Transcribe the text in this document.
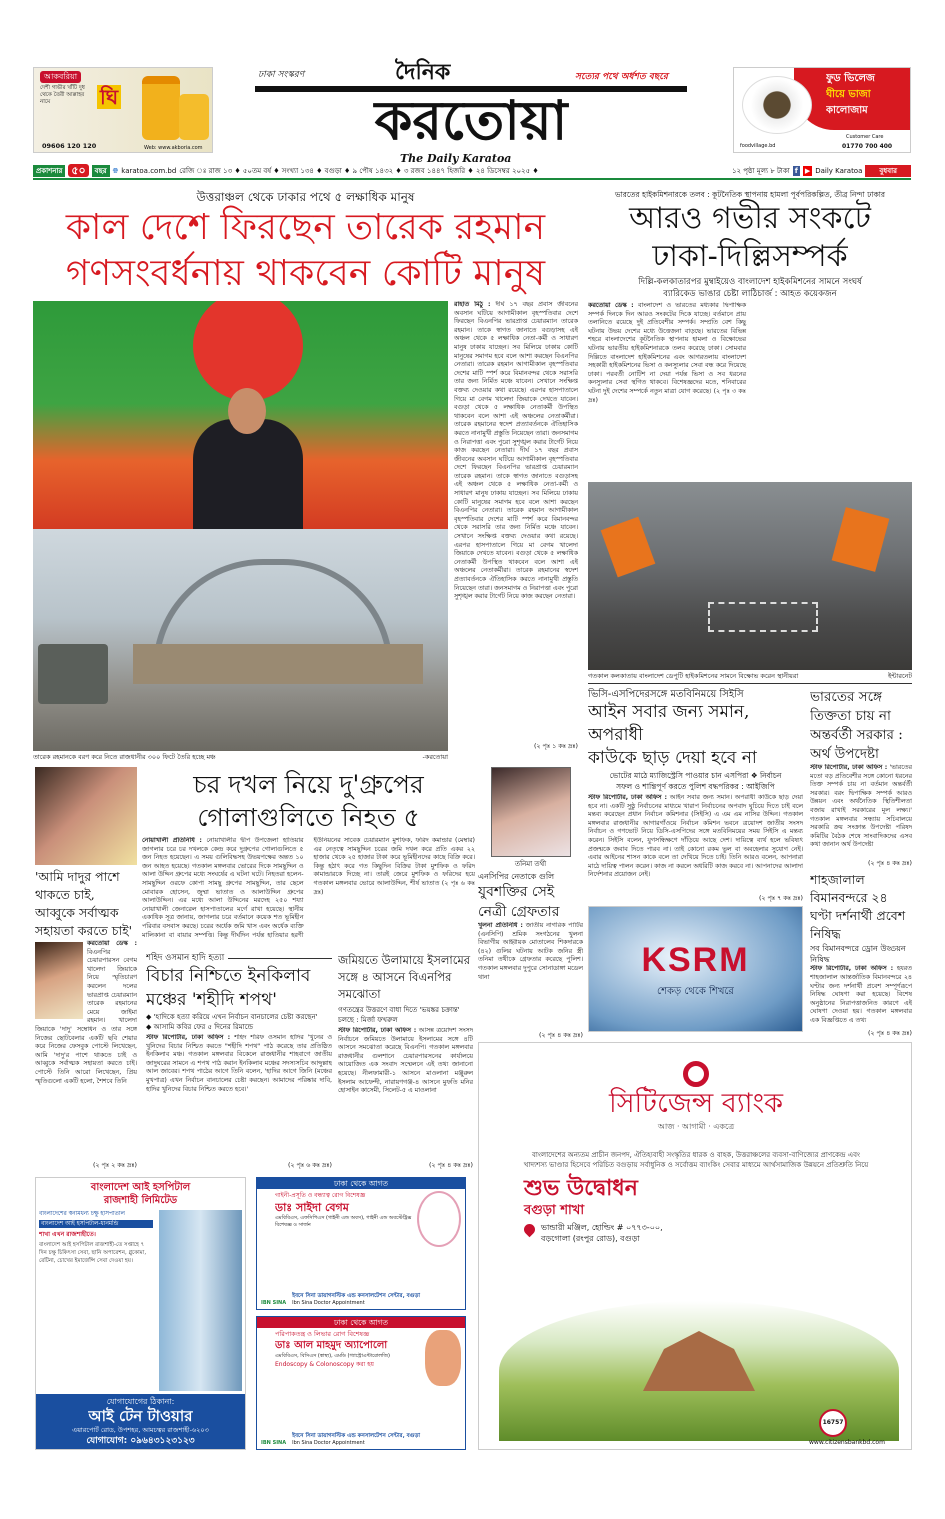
আকবরিয়া
দেশী গাভীর খাঁটি দুধ থেকে তৈরী আল্লাহর নামে	ঘি
09606 120 120	Web: www.akboria.com
ঢাকা সংস্করণ	দৈনিক	সত্যের পথে অর্ধশত বছরে
করতোয়া
The Daily Karatoa
ফুড ভিলেজ
ঘীয়ে ভাজা
কালোজাম
foodvillage.bd
Customer Care
01770 700 400
প্রকাশনার ৫০	বছর 🌐︎ karatoa.com.bd রেজি ঃ রাজ ১৩ ♦ ৫০তম বর্ষ ♦ সংখ্যা ১৩৪ ♦ বগুড়া ♦ ৯ পৌষ ১৪৩২ ♦ ৩ রজব ১৪৪৭ হিজরি ♦ ২৪ ডিসেম্বর ২০২৫ ♦	১২ পৃষ্ঠা মূল্য ৮ টাকা f ▶ Daily Karatoa	বুধবার
উত্তরাঞ্চল থেকে ঢাকার পথে ৫ লক্ষাধিক মানুষ
কাল দেশে ফিরছেন তারেক রহমান
গণসংবর্ধনায় থাকবেন কোটি মানুষ
রাহাত মিঠু : দীর্ঘ ১৭ বছর প্রবাস জীবনের অবসান ঘটিয়ে আগামীকাল বৃহস্পতিবার দেশে ফিরছেন বিএনপির ভারপ্রাপ্ত চেয়ারম্যান তারেক রহমান। তাকে স্বাগত জানাতে বগুড়াসহ এই অঞ্চল থেকে ৫ লক্ষাধিক নেতা-কর্মী ও সাধারণ মানুষ ঢাকায় যাচ্ছেন। সব মিলিয়ে ঢাকায় কোটি মানুষের সমাগম হবে বলে আশা করছেন বিএনপির নেতারা। তারেক রহমান আগামীকাল বৃহস্পতিবার দেশের মাটি স্পর্শ করে বিমানবন্দর থেকে সরাসরি তার জন্য নির্মিত মঞ্চে যাবেন। সেখানে সংক্ষিপ্ত বক্তব্য দেওয়ার কথা রয়েছে। এরপর হাসপাতালে গিয়ে মা বেগম খালেদা জিয়াকে দেখতে যাবেন। বগুড়া থেকে ৫ লক্ষাধিক নেতাকর্মী উপস্থিত থাকবেন বলে আশা এই অঞ্চলের নেতাকর্মীরা। তারেক রহমানের স্বদেশ প্রত্যাবর্তনকে ঐতিহাসিক করতে নানামুখী প্রস্তুতি নিয়েছেন তারা। জনসমাগম ও নিরাপত্তা এবং পুরো সুশৃঙ্খল করার টার্গেট নিয়ে কাজ করছেন নেতারা। দীর্ঘ ১৭ বছর প্রবাস জীবনের অবসান ঘটিয়ে আগামীকাল বৃহস্পতিবার দেশে ফিরছেন বিএনপির ভারপ্রাপ্ত চেয়ারম্যান তারেক রহমান। তাকে স্বাগত জানাতে বগুড়াসহ এই অঞ্চল থেকে ৫ লক্ষাধিক নেতা-কর্মী ও সাধারণ মানুষ ঢাকায় যাচ্ছেন। সব মিলিয়ে ঢাকায় কোটি মানুষের সমাগম হবে বলে আশা করছেন বিএনপির নেতারা। তারেক রহমান আগামীকাল বৃহস্পতিবার দেশের মাটি স্পর্শ করে বিমানবন্দর থেকে সরাসরি তার জন্য নির্মিত মঞ্চে যাবেন। সেখানে সংক্ষিপ্ত বক্তব্য দেওয়ার কথা রয়েছে। এরপর হাসপাতালে গিয়ে মা বেগম খালেদা জিয়াকে দেখতে যাবেন। বগুড়া থেকে ৫ লক্ষাধিক নেতাকর্মী উপস্থিত থাকবেন বলে আশা এই অঞ্চলের নেতাকর্মীরা। তারেক রহমানের স্বদেশ প্রত্যাবর্তনকে ঐতিহাসিক করতে নানামুখী প্রস্তুতি নিয়েছেন তারা। জনসমাগম ও নিরাপত্তা এবং পুরো সুশৃঙ্খল করার টার্গেট নিয়ে কাজ করছেন নেতারা।
(২ পৃঃ ১ কঃ দ্রঃ)
তারেক রহমানকে বরণ করে নিতে রাজধানীর ৩০০ ফিটে তৈরি হচ্ছে মঞ্চ	-করতোয়া
ভারতের হাইকমিশনারকে তলব : কূটনৈতিক স্থাপনায় হামলা পূর্বপরিকল্পিত, তীব্র নিন্দা ঢাকার
আরও গভীর সংকটে
ঢাকা-দিল্লিসম্পর্ক
দিল্লি-কলকাতারপর মুম্বাইয়েও বাংলাদেশ হাইকমিশনের সামনে সংঘর্ষ
ব্যারিকেড ভাঙার চেষ্টা লাঠিচার্জ : আহত কয়েকজন
করতোয়া ডেস্ক : বাংলাদেশ ও ভারতের মধ্যকার দ্বিপাক্ষিক সম্পর্ক দিনকে দিন আরও সংকটের দিকে যাচ্ছে। বর্তমানে প্রায় তলানিতে রয়েছে দুই প্রতিবেশীর সম্পর্ক। সম্প্রতি বেশ কিছু ঘটনায় উভয় দেশের মধ্যে উত্তেজনা বাড়ছে। ভারতের বিভিন্ন শহরে বাংলাদেশের কূটনৈতিক স্থাপনায় হামলা ও বিক্ষোভের ঘটনায় ভারতীয় হাইকমিশনারকে তলব করেছে ঢাকা। সোমবার দিল্লিতে বাংলাদেশ হাইকমিশনের এবং আগরতলায় বাংলাদেশ সহকারী হাইকমিশনের ভিসা ও কনস্যুলার সেবা বন্ধ করে দিয়েছে ঢাকা। পরবর্তী নোটিশ না দেয়া পর্যন্ত ভিসা ও সব ধরনের কনস্যুলার সেবা স্থগিত থাকবে। বিশেষজ্ঞদের মতে, শনিবারের ঘটনা দুই দেশের সম্পর্কে নতুন মাত্রা যোগ করেছে। (২ পৃঃ ৩ কঃ দ্রঃ)
গতকাল কলকাতায় বাংলাদেশ ডেপুটি হাইকমিশনের সামনে বিক্ষোভ করেন স্থানীয়রা	ইন্টারনেট
ভিসি-এসপিদেরসঙ্গে মতবিনিময়ে সিইসি
আইন সবার জন্য সমান, অপরাধী
কাউকে ছাড় দেয়া হবে না
ভোটের মাঠে ম্যাজিস্ট্রেসি পাওয়ার চান এসপিরা ❖ নির্বাচন
সফল ও শান্তিপূর্ণ করতে পুলিশ বদ্ধপরিকর : আইজিপি
স্টাফ রিপোর্টার, ঢাকা অফিস : আইন সবার জন্য সমান। অপরাধী কাউকে ছাড় দেয়া হবে না। একটি সুষ্ঠু নির্বাচনের মাধ্যমে খারাপ নির্বাচনের অপবাদ ঘুচিয়ে দিতে চাই বলে মন্তব্য করেছেন প্রধান নির্বাচন কমিশনার (সিইসি) এ এম এম নাসির উদ্দিন। গতকাল মঙ্গলবার রাজধানীর আগারগাঁওয়ে নির্বাচন কমিশন ভবনে ত্রয়োদশ জাতীয় সংসদ নির্বাচন ও গণভোট নিয়ে ডিসি-এসপিদের সঙ্গে মতবিনিময়ের সময় সিইসি এ মন্তব্য করেন। সিইসি বলেন, যুগসন্ধিক্ষণে দাঁড়িয়ে আছে দেশ। দায়িত্বে ব্যর্থ হলে ভবিষ্যৎ প্রজন্মকে জবাব দিতে পারব না। তাই কোনো রকম ভুল বা অবহেলার সুযোগ নেই। এবার আইনের শাসন কাকে বলে তা দেখিয়ে দিতে চাই। তিনি আরও বলেন, আপনারা মাঠে দায়িত্ব পালন করেন। কাজ না করলে অধরিটি কাজ করবে না। আপনাদের আলাদা নির্দেশনার প্রয়োজন নেই।
(২ পৃঃ ৭ কঃ দ্রঃ)
KSRM
শেকড় থেকে শিখরে
ভারতের সঙ্গে তিক্ততা চায় না অন্তর্বর্তী সরকার : অর্থ উপদেষ্টা
স্টাফ রিপোর্টার, ঢাকা অফিস : 'ভারতের মতো বড় প্রতিবেশীর সঙ্গে কোনো ধরনের তিক্ত সম্পর্ক চায় না বর্তমান অন্তর্বর্তী সরকার। বরং দ্বিপাক্ষিক সম্পর্ক আরও উন্নয়ন এবং অর্থনৈতিক স্থিতিশীলতা বজায় রাখাই সরকারের মূল লক্ষ্য।' গতকাল মঙ্গলবার সন্ধ্যায় সচিবালয়ে সরকারি ক্রয় সংক্রান্ত উপদেষ্টা পরিষদ কমিটির বৈঠক শেষে সাংবাদিকদের এসব কথা জানান অর্থ উপদেষ্টা
(২ পৃঃ ৪ কঃ দ্রঃ)
শাহজালাল বিমানবন্দরে ২৪ ঘণ্টা দর্শনার্থী প্রবেশ নিষিদ্ধ
সব বিমানবন্দরে ড্রোন উড্ডয়ন নিষিদ্ধ
স্টাফ রিপোর্টার, ঢাকা অফিস : হযরত শাহজালাল আন্তর্জাতিক বিমানবন্দরে ২৪ ঘণ্টার জন্য দর্শনার্থী প্রবেশ সম্পূর্ণরূপে নিষিদ্ধ ঘোষণা করা হয়েছে। বিশেষ অনুষ্ঠানের নিরাপত্তাজনিত কারণে এই ঘোষণা দেওয়া হয়। গতকাল মঙ্গলবার এক বিজ্ঞপ্তিতে এ তথ্য
(২ পৃঃ ৪ কঃ দ্রঃ)
'আমি দাদুর পাশে থাকতে চাই, আব্বুকে সর্বাত্মক সহায়তা করতে চাই'
করতোয়া ডেস্ক : বিএনপির চেয়ারপারসন বেগম খালেদা জিয়াকে নিয়ে স্মৃতিচারণ করলেন দলের ভারপ্রাপ্ত চেয়ারম্যান তারেক রহমানের মেয়ে জাইমা রহমান। খালেদা জিয়াকে 'দাদু' সম্বোধন ও তার সঙ্গে নিজের ছোটবেলার একটি ছবি শেয়ার করে নিজের ফেসবুক পোস্টে লিখেছেন, আমি 'দাদু'র পাশে থাকতে চাই ও আব্বুকে সর্বাত্মক সহায়তা করতে চাই। পোস্টে তিনি আরো লিখেছেন, প্রিয় স্মৃতিগুলো একটি হলো, শৈশবে তিনি
(২ পৃঃ ২ কঃ দ্রঃ)
চর দখল নিয়ে দু'গ্রুপের
গোলাগুলিতে নিহত ৫
নোয়াখালী প্রতিনিধি : নোয়াখালীর দ্বীপ উপজেলা হাতিয়ার জাগলার চরে চর দখলকে কেন্দ্র করে দুগ্রুপের গোলাগুলিতে ৫ জন নিহত হয়েছেন। এ সময় গুলিবিদ্ধসহ উভয়পক্ষের অন্তত ১০ জন আহত হয়েছে। গতকাল মঙ্গলবার ভোরের দিকে সামছুদ্দিন ও আলা উদ্দিন গ্রুপের মধ্যে সংঘর্ষের এ ঘটনা ঘটে। নিহতরা হলেন-সামছুদ্দিন ওরফে কোপা সামছু গ্রুপের সামছুদ্দিন, তার ছেলে মোবারক হোসেন, জুম্মা ভাতাত ও আলাউদ্দিন গ্রুপের আলাউদ্দিন। এর মধ্যে আলা উদ্দিনের মরদেহ ২৫০ শয্যা নোয়াখালী জেনারেল হাসপাতালের মর্গে রাখা হয়েছে। স্থানীয় একাধিক সূত্র জানায়, জাগলার চরে বর্তমানে কয়েক শত ভূমিহীন পরিবার বসবাস করছে। চরের অর্ধেক জমি খাস এবং অর্ধেক ব্যক্তি মালিকানা বা বায়ার সম্পত্তি। কিন্তু দীর্ঘদিন পর্যন্ত হাতিয়ার হরণী ইউনিয়নের সাবেক চেয়ারম্যান মুশফিক, ফরিদ কমান্ডার (মেম্বার) এর নেতৃত্বে সামছুদ্দিন চরের জমি দখল করে প্রতি একর ২২ হাজার থেকে ২৫ হাজার টাকা করে ভূমিহীনদের কাছে বিক্রি করে। কিন্তু হঠাৎ করে গত কিছুদিন বিক্রির টাকা মুশফিক ও ফরিদ কামান্ডারকে দিচ্ছে না। তারই জেরে মুশফিক ও ফরিদের হয়ে গতকাল মঙ্গলবার ভোরে আলাউদ্দিন, শীর্ষ ভাতাত (২ পৃঃ ৬ কঃ দ্রঃ)
শহিদ ওসমান হাদি হত্যা
বিচার নিশ্চিতে ইনকিলাব
মঞ্চের 'শহীদি শপথ'
◆ 'হাদিকে হত্যা করিয়ে এখন নির্বাচন বানচালের চেষ্টা করছেন'
◆ আসামি কবির ফের ৫ দিনের রিমান্ডে
স্টাফ রিপোর্টার, ঢাকা অফিস : শহিদ শরিফ ওসমান হাদির 'খুনের ও খুনিদের বিচার নিশ্চিত করতে "শহীদি শপথ" পাঠ করেছে তার প্রতিষ্ঠিত ইনকিলাব মঞ্চ। গতকাল মঙ্গলবার বিকেলে রাজধানীর শাহবাগে জাতীয় জাদুঘরের সামনে এ শপথ পাঠ করান ইনকিলাব মঞ্চের সদস্যসচিব আব্দুল্লাহ আল জাবের। শপথ পাঠের আগে তিনি বলেন, 'হাদির আগে জিনি (মঞ্চের মুখপাত্র) এখন নির্বাচন বানচালের চেষ্টা করছেন। আমাদের পরিষ্কার দাবি, হাদির খুনিদের বিচার নিশ্চিত করতে হবে।'
(২ পৃঃ ৬ কঃ দ্রঃ)
জমিয়তে উলামায়ে ইসলামের সঙ্গে ৪ আসনে বিএনপির সমঝোতা
গণতন্ত্রের উত্তরণে বাধা দিতে 'ভয়ঙ্কর চক্রান্ত' চলছে : মির্জা ফখরুল
স্টাফ রিপোর্টার, ঢাকা অফিস : আসন্ন ত্রয়োদশ সংসদ নির্বাচনে জমিয়তে উলামায়ে ইসলামের সঙ্গে ৪টি আসনে সমঝোতা করেছে বিএনপি। গতকাল মঙ্গলবার রাজধানীর গুলশানে চেয়ারপারসনের কার্যালয়ে আয়োজিত এক সংবাদ সম্মেলনে এই তথ্য জানানো হয়েছে। নীলফামারী-১ আসনে মাওলানা মঞ্জুরুল ইসলাম আফেন্দী, নারায়ণগঞ্জ-৪ আসনে মুফতি মনির হোসাইন কাসেমী, সিলেট-৫ এ মাওলানা
(২ পৃঃ ৪ কঃ দ্রঃ)
তনিমা তথী
এনসিপির নেতাকে গুলি
যুবশক্তির সেই নেত্রী গ্রেফতার
খুলনা প্রতিনিধি : জাতীয় নাগরিক পার্টির (এনসিপি) শ্রমিক সংগঠনের খুলনা বিভাগীয় আহ্বায়ক মোতালেব শিকদারকে (৪২) গুলির ঘটনায় আটক জনির স্ত্রী তনিমা তথীকে গ্রেফতার করেছে পুলিশ। গতকাল মঙ্গলবার দুপুরে সোনাডাঙ্গা মডেল থানা
(২ পৃঃ ৪ কঃ দ্রঃ)
সিটিজেন্স ব্যাংক
আজ · আগামী · একত্রে
বাংলাদেশের অন্যতম প্রাচীন জনপদ, ঐতিহ্যবাহী সংস্কৃতির ধারক ও বাহক, উত্তরাঞ্চলের ব্যবসা-বাণিজ্যের প্রাণকেন্দ্র এবং খাদ্যশস্য ভাণ্ডার হিসেবে পরিচিত বগুড়ায় সর্বাধুনিক ও সর্বোত্তম ব্যাংকিং সেবার মাধ্যমে আর্থসামাজিক উন্নয়নে প্রতিশ্রুতি নিয়ে
শুভ উদ্বোধন
বগুড়া শাখা
ভান্ডারী মঞ্জিল, হোল্ডিং # ০৭৭৩-০০,
বড়গোলা (রংপুর রোড), বগুড়া
16757
www.citizensbankbd.com
বাংলাদেশ আই হসপিটাল
রাজশাহী লিমিটেড
বাংলাদেশের স্বনামধন্য চক্ষু হাসপাতাল
বাংলাদেশ আই হসপিটাল-ধানমন্ডি
শাখা এখন রাজশাহীতে।
বাংলাদেশ আই হসপিটাল রাজশাহী-তে সপ্তাহে ৭ দিন চক্ষু চিকিৎসা সেবা, ছানি অপারেশন, গ্লুকোমা, রেটিনা, চোখের ইমার্জেন্সি সেবা দেওয়া হয়।
যোগাযোগের ঠিকানা:
আই টেন টাওয়ার
এয়ারপোর্ট রোড, উপশহর, আমচত্বর রাজশাহী-৬২০৩
যোগাযোগ: ০৯৬৪৩১২৩১২৩
ঢাকা থেকে আগত
গাইনী-প্রসূতি ও বন্ধ্যাত্ব রোগ বিশেষজ্ঞ
ডাঃ সাইদা বেগম
এমবিবিএস, এফসিপিএস (গাইনী এন্ড অবস), গাইনী এন্ড অবস্টেট্রিক্স বিশেষজ্ঞ ও সার্জন
IBN SINA
ইবনে সিনা ডায়াগনস্টিক এন্ড কনসালটেশন সেন্টার, বগুড়া
Ibn Sina Doctor Appointment
ঢাকা থেকে আগত
পরিপাকতন্ত্র ও লিভার রোগ বিশেষজ্ঞ
ডাঃ আল মাহমুদ অ্যাপোলো
এমবিবিএস, বিসিএস (স্বাস্থ্য), এমডি (গ্যাস্ট্রোএন্টারোলজি)
Endoscopy & Colonoscopy করা হয়
IBN SINA
ইবনে সিনা ডায়াগনস্টিক এন্ড কনসালটেশন সেন্টার, বগুড়া
Ibn Sina Doctor Appointment
